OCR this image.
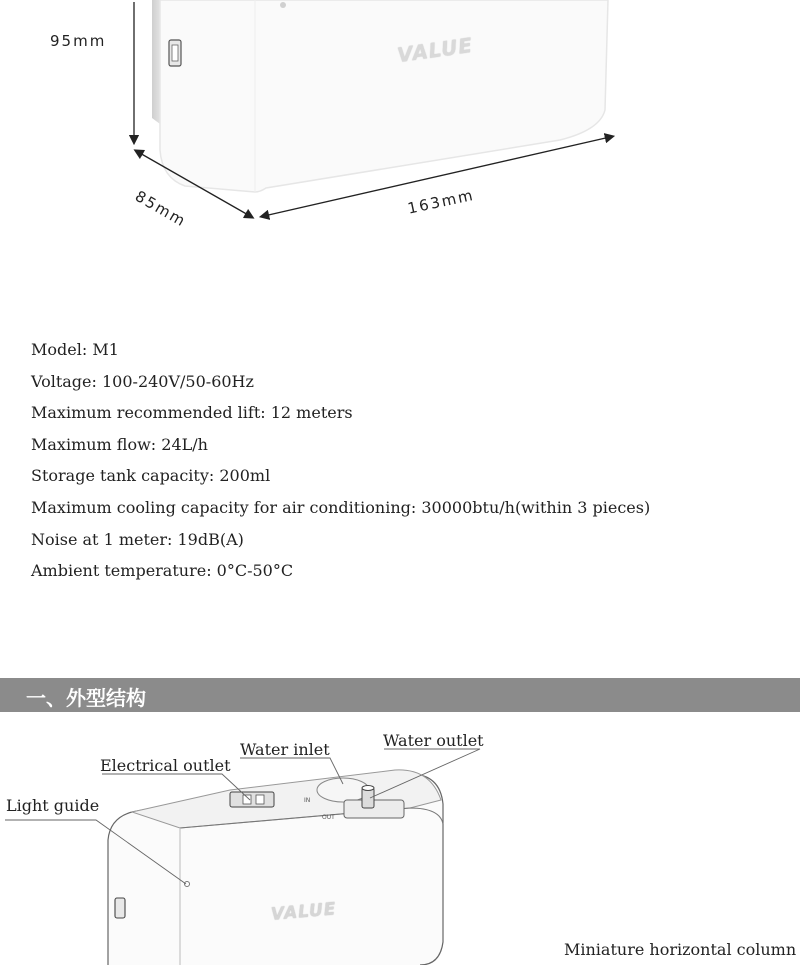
VALUE
95mm
85mm	163mm
Model: M1
Voltage: 100-240V/50-60Hz
Maximum recommended lift: 12 meters
Maximum flow: 24L/h
Storage tank capacity: 200ml
Maximum cooling capacity for air conditioning: 30000btu/h(within 3 pieces)
Noise at 1 meter: 19dB(A)
Ambient temperature: 0°C-50°C
一、外型结构
IN
OUT
VALUE
Light guide
Electrical outlet
Water inlet	Water outlet
Miniature horizontal column
